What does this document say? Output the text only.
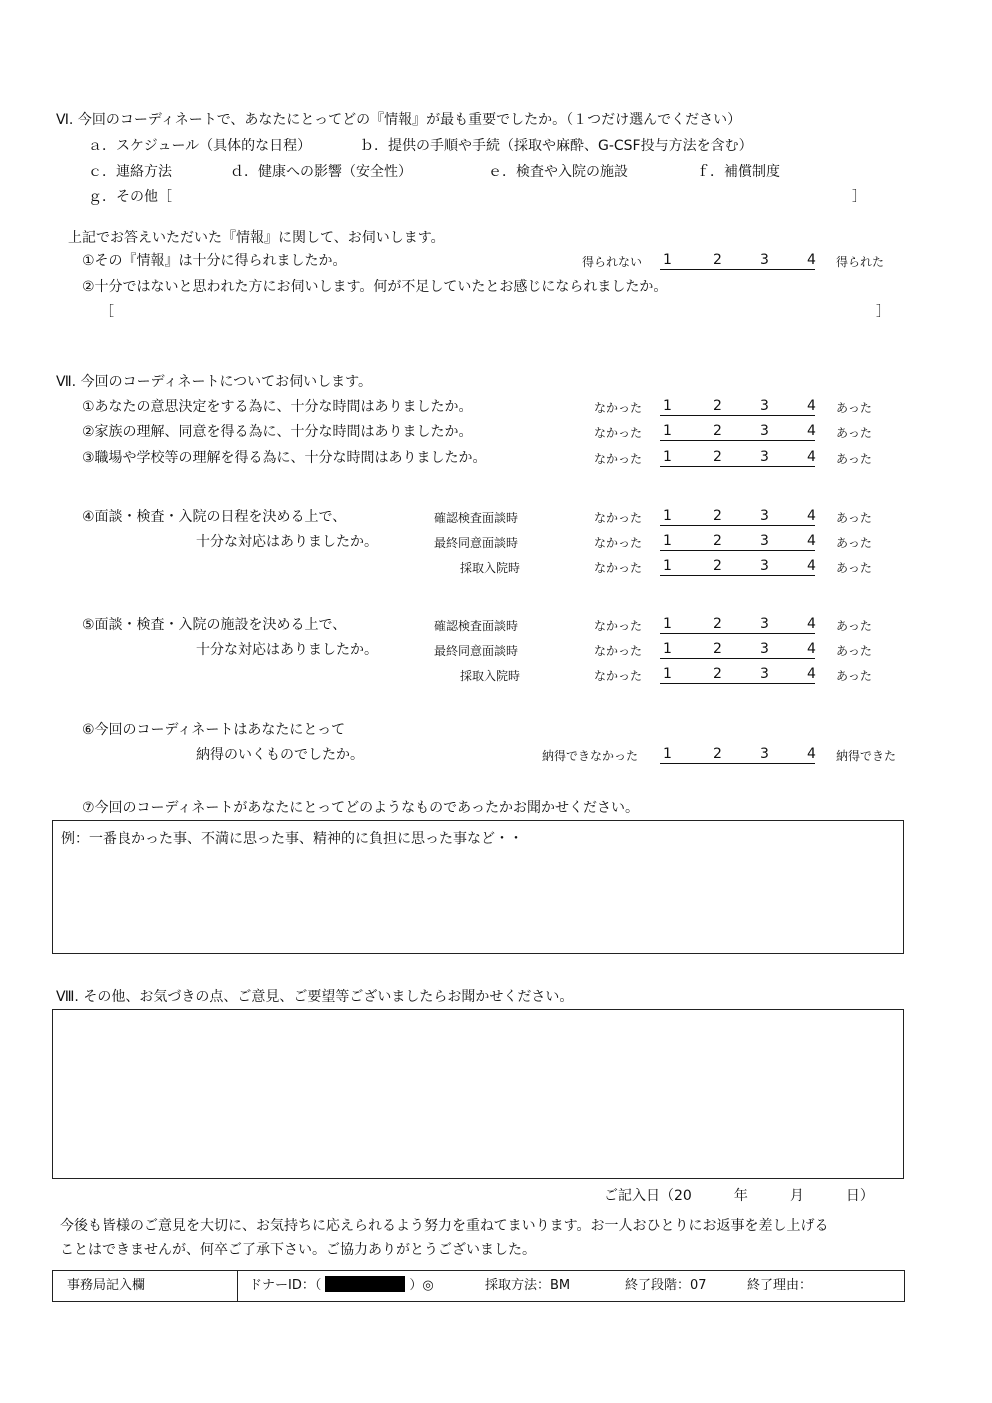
Ⅵ. 今回のコーディネートで、あなたにとってどの『情報』が最も重要でしたか。（１つだけ選んでください）
ａ．スケジュール（具体的な日程）	ｂ．提供の手順や手続（採取や麻酔、G-CSF投与方法を含む）
ｃ．連絡方法	ｄ．健康への影響（安全性）	ｅ．検査や入院の施設	ｆ．補償制度
ｇ．その他［	］
上記でお答えいただいた『情報』に関して、お伺いします。
①その『情報』は十分に得られましたか。	得られない 1	2	3	4 得られた
②十分ではないと思われた方にお伺いします。何が不足していたとお感じになられましたか。
［	］
Ⅶ. 今回のコーディネートについてお伺いします。
①あなたの意思決定をする為に、十分な時間はありましたか。	なかった 1	2	3	4 あった
②家族の理解、同意を得る為に、十分な時間はありましたか。	なかった 1	2	3	4 あった
③職場や学校等の理解を得る為に、十分な時間はありましたか。	なかった 1	2	3	4 あった
④面談・検査・入院の日程を決める上で、
十分な対応はありましたか。
確認検査面談時	なかった 1	2	3	4 あった
最終同意面談時	なかった 1	2	3	4 あった
採取入院時	なかった 1	2	3	4 あった
⑤面談・検査・入院の施設を決める上で、
十分な対応はありましたか。
確認検査面談時	なかった 1	2	3	4 あった
最終同意面談時	なかった 1	2	3	4 あった
採取入院時	なかった 1	2	3	4 あった
⑥今回のコーディネートはあなたにとって
納得のいくものでしたか。	納得できなかった 1	2	3	4 納得できた
⑦今回のコーディネートがあなたにとってどのようなものであったかお聞かせください。
例：一番良かった事、不満に思った事、精神的に負担に思った事など・・
Ⅷ. その他、お気づきの点、ご意見、ご要望等ございましたらお聞かせください。
ご記入日（20　　　年　　　月　　　日）
今後も皆様のご意見を大切に、お気持ちに応えられるよう努力を重ねてまいります。お一人おひとりにお返事を差し上げる
ことはできませんが、何卒ご了承下さい。ご協力ありがとうございました。
事務局記入欄	ドナーID：（	）◎	採取方法：BM	終了段階：07	終了理由：
